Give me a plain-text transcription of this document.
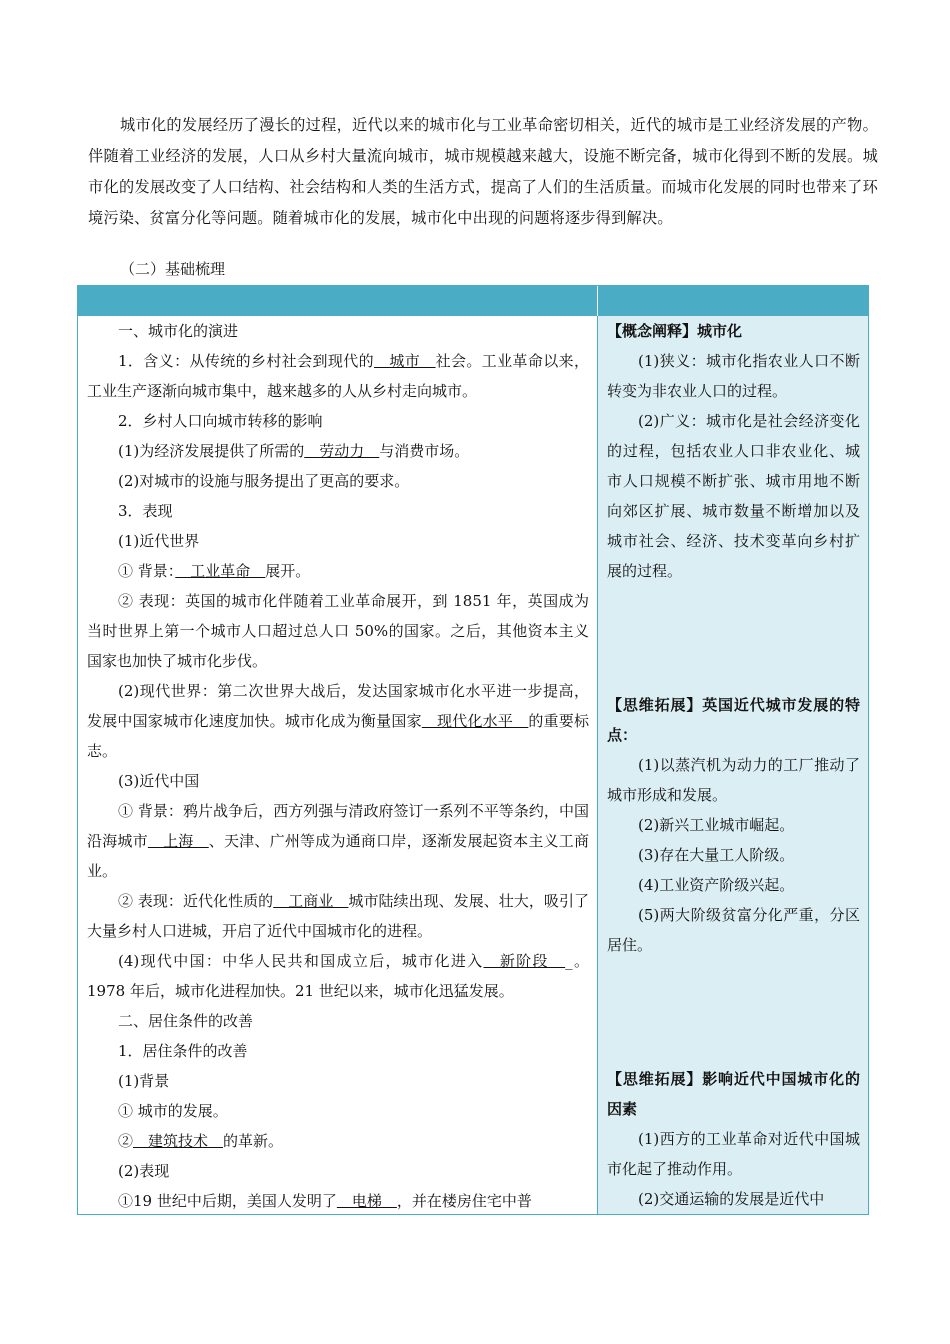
城市化的发展经历了漫长的过程，近代以来的城市化与工业革命密切相关，近代的城市是工业经济发展的产物。伴随着工业经济的发展，人口从乡村大量流向城市，城市规模越来越大，设施不断完备，城市化得到不断的发展。城市化的发展改变了人口结构、社会结构和人类的生活方式，提高了人们的生活质量。而城市化发展的同时也带来了环境污染、贫富分化等问题。随着城市化的发展，城市化中出现的问题将逐步得到解决。

（二）基础梳理

一、城市化的演进

1．含义：从传统的乡村社会到现代的　城市　社会。工业革命以来，工业生产逐渐向城市集中，越来越多的人从乡村走向城市。

2．乡村人口向城市转移的影响

(1)为经济发展提供了所需的　劳动力　与消费市场。

(2)对城市的设施与服务提出了更高的要求。

3．表现

(1)近代世界

① 背景：　工业革命　展开。

② 表现：英国的城市化伴随着工业革命展开，到 1851 年，英国成为当时世界上第一个城市人口超过总人口 50%的国家。之后，其他资本主义国家也加快了城市化步伐。

(2)现代世界：第二次世界大战后，发达国家城市化水平进一步提高，发展中国家城市化速度加快。城市化成为衡量国家　现代化水平　的重要标志。

(3)近代中国

① 背景：鸦片战争后，西方列强与清政府签订一系列不平等条约，中国沿海城市　上海　、天津、广州等成为通商口岸，逐渐发展起资本主义工商业。

② 表现：近代化性质的　工商业　城市陆续出现、发展、壮大，吸引了大量乡村人口进城，开启了近代中国城市化的进程。

(4)现代中国：中华人民共和国成立后，城市化进入　新阶段　_。1978 年后，城市化进程加快。21 世纪以来，城市化迅猛发展。

二、居住条件的改善

1．居住条件的改善

(1)背景

① 城市的发展。

②　建筑技术　的革新。

(2)表现

①19 世纪中后期，美国人发明了　电梯　，并在楼房住宅中普

【概念阐释】城市化

(1)狭义：城市化指农业人口不断转变为非农业人口的过程。

(2)广义：城市化是社会经济变化的过程，包括农业人口非农业化、城市人口规模不断扩张、城市用地不断向郊区扩展、城市数量不断增加以及城市社会、经济、技术变革向乡村扩展的过程。

【思维拓展】英国近代城市发展的特点：

(1)以蒸汽机为动力的工厂推动了城市形成和发展。

(2)新兴工业城市崛起。

(3)存在大量工人阶级。

(4)工业资产阶级兴起。

(5)两大阶级贫富分化严重，分区居住。

【思维拓展】影响近代中国城市化的因素

(1)西方的工业革命对近代中国城市化起了推动作用。

(2)交通运输的发展是近代中
